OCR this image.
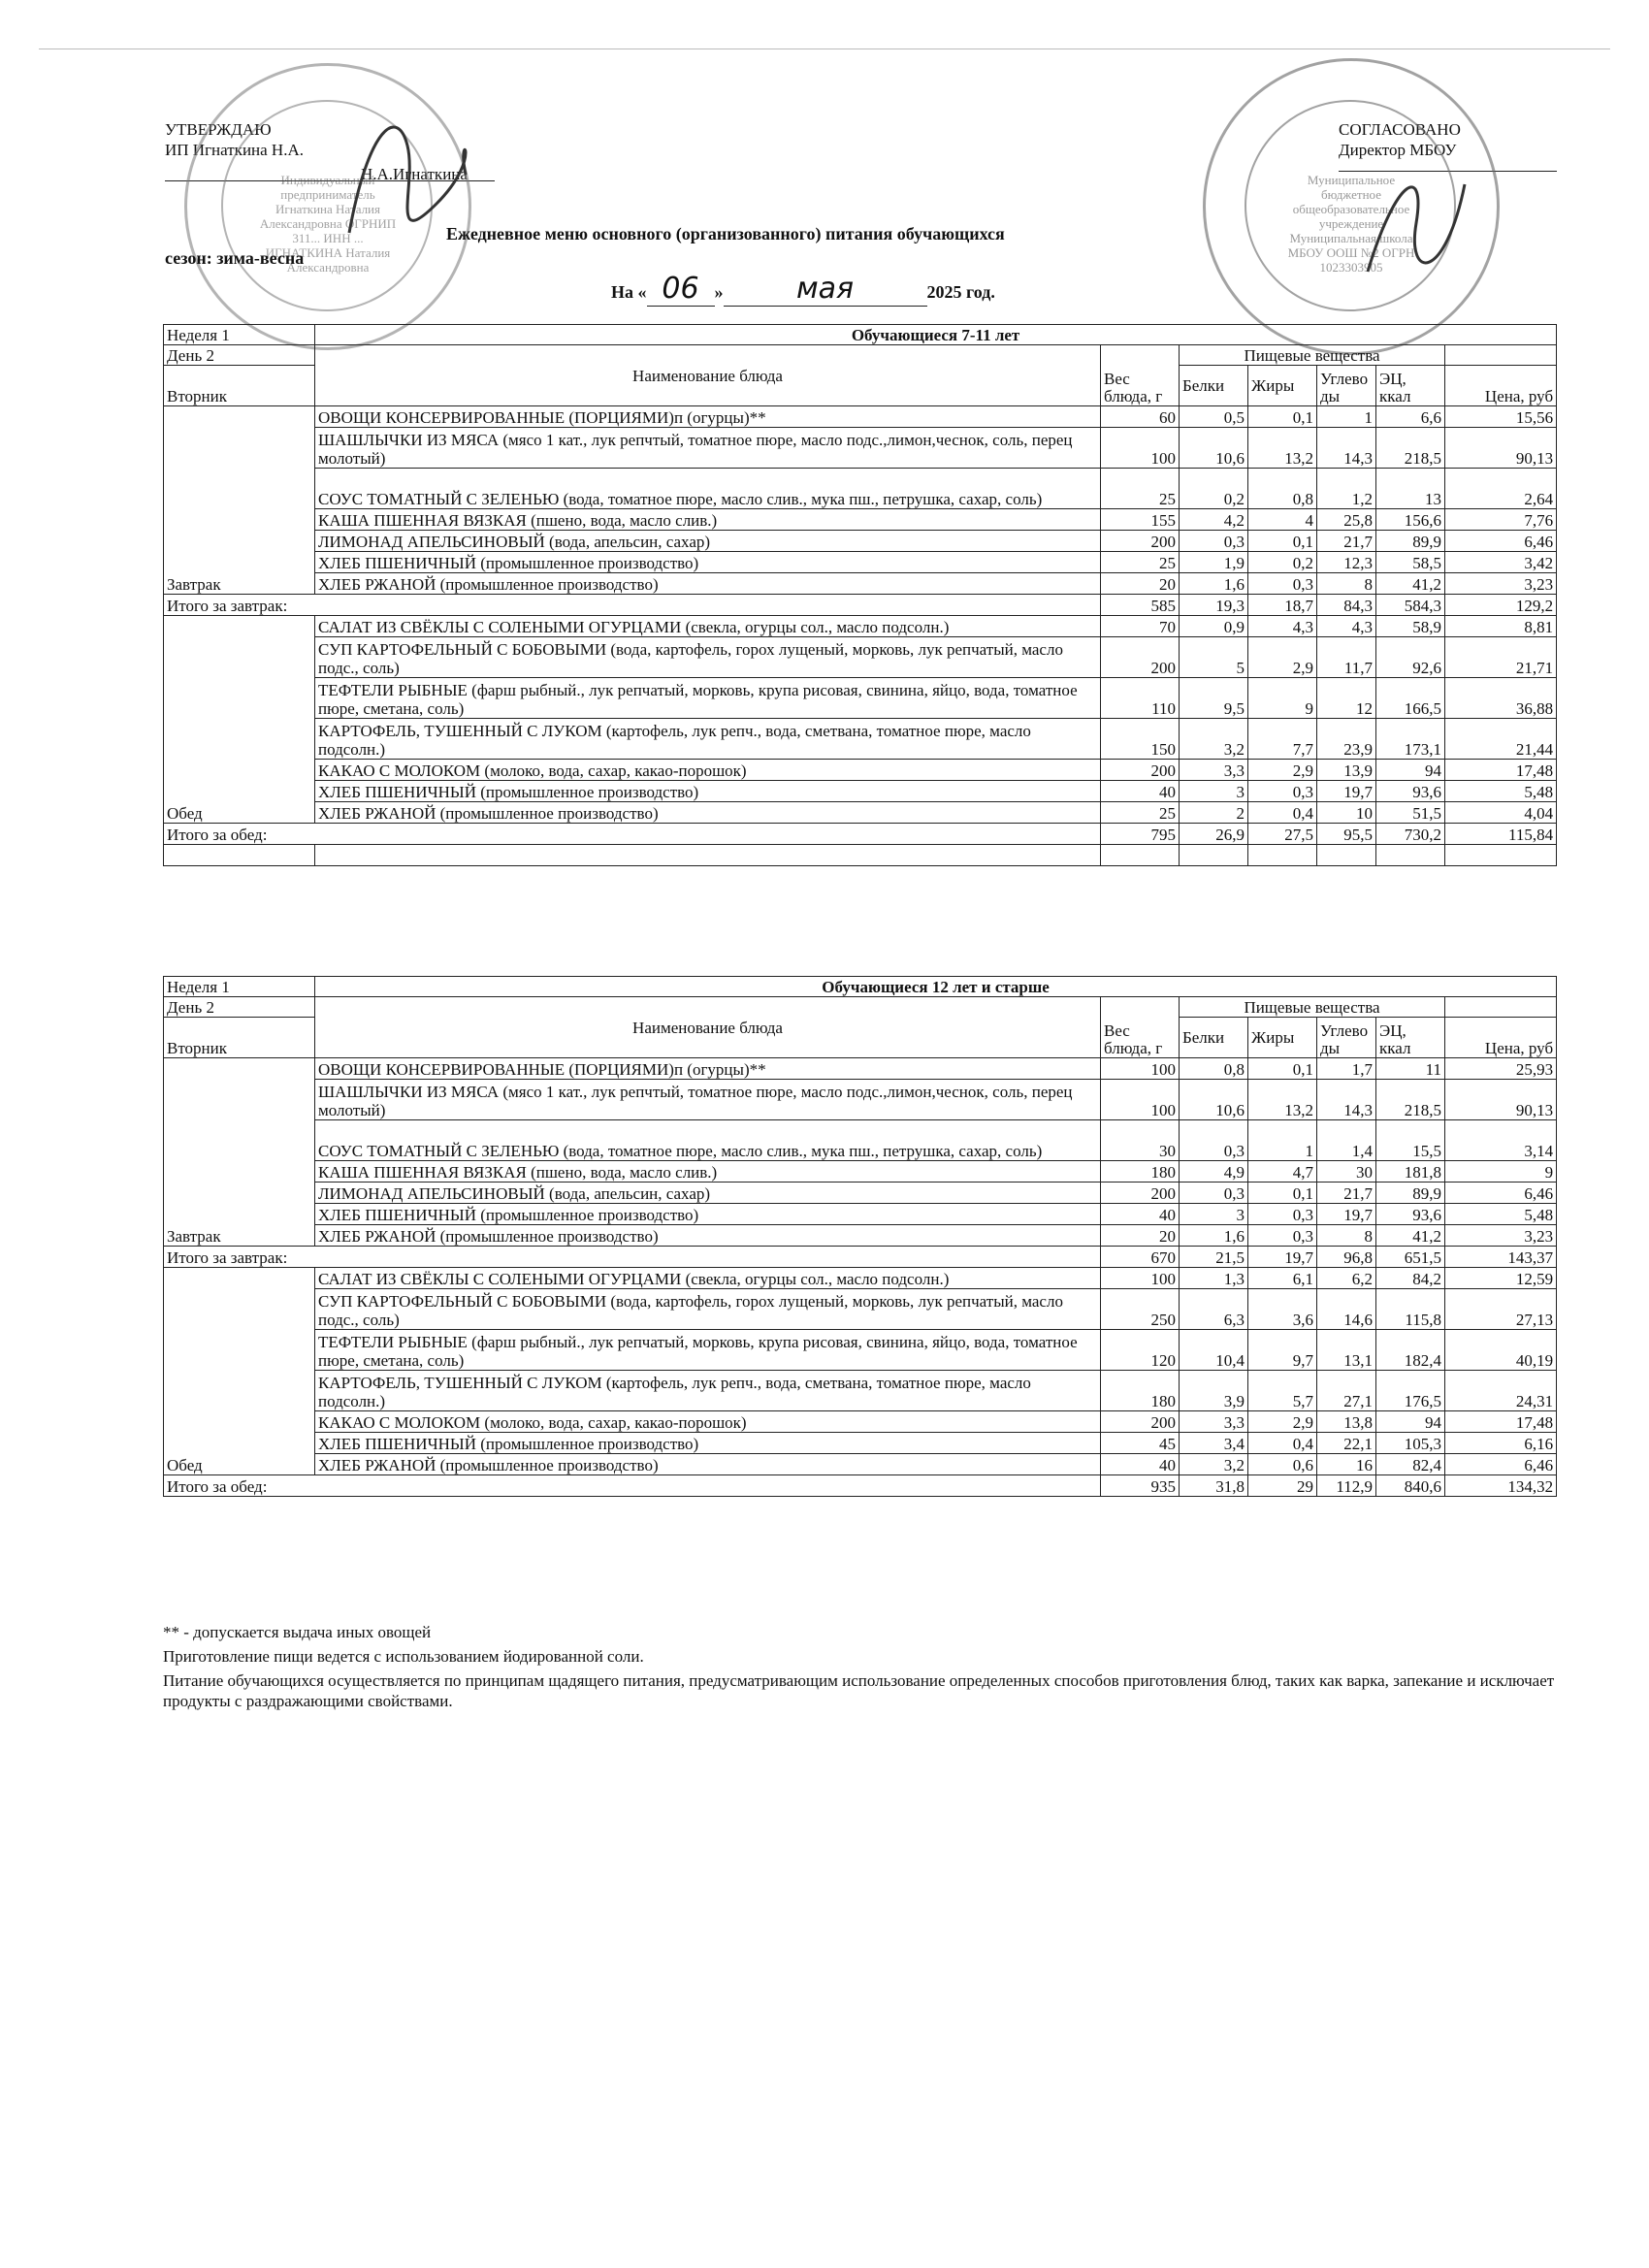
УТВЕРЖДАЮ
ИП Игнаткина Н.А.
Н.А.Игнаткина
Индивидуальный предприниматель Игнаткина Наталия Александровна ОГРНИП 311... ИНН ... ИГНАТКИНА Наталия Александровна
СОГЛАСОВАНО
Директор МБОУ
Муниципальное бюджетное общеобразовательное учреждение Муниципальная школа МБОУ ООШ №2 ОГРН 1023303905
Ежедневное меню основного (организованного) питания обучающихся
сезон: зима-весна
На « 06 »	мая	2025 год.
Неделя 1	Обучающиеся 7-11 лет						
День 2	Наименование блюда	Вес блюда, г	Пищевые вещества				
Вторник			Белки	Жиры	Углеводы	ЭЦ, ккал	Цена, руб
Завтрак	ОВОЩИ КОНСЕРВИРОВАННЫЕ (ПОРЦИЯМИ)п (огурцы)**	60	0,5	0,1	1	6,6	15,56
	ШАШЛЫЧКИ ИЗ МЯСА (мясо 1 кат., лук репчтый, томатное пюре, масло подс.,лимон,чеснок, соль, перец молотый)	100	10,6	13,2	14,3	218,5	90,13
	СОУС ТОМАТНЫЙ С ЗЕЛЕНЬЮ (вода, томатное пюре, масло слив., мука пш., петрушка, сахар, соль)	25	0,2	0,8	1,2	13	2,64
	КАША ПШЕННАЯ ВЯЗКАЯ (пшено, вода, масло слив.)	155	4,2	4	25,8	156,6	7,76
	ЛИМОНАД АПЕЛЬСИНОВЫЙ (вода, апельсин, сахар)	200	0,3	0,1	21,7	89,9	6,46
	ХЛЕБ ПШЕНИЧНЫЙ (промышленное производство)	25	1,9	0,2	12,3	58,5	3,42
	ХЛЕБ РЖАНОЙ (промышленное производство)	20	1,6	0,3	8	41,2	3,23
Итого за завтрак:		585	19,3	18,7	84,3	584,3	129,2
Обед	САЛАТ ИЗ СВЁКЛЫ С СОЛЕНЫМИ ОГУРЦАМИ (свекла, огурцы сол., масло подсолн.)	70	0,9	4,3	4,3	58,9	8,81
	СУП КАРТОФЕЛЬНЫЙ С БОБОВЫМИ (вода, картофель, горох лущеный, морковь, лук репчатый, масло подс., соль)	200	5	2,9	11,7	92,6	21,71
	ТЕФТЕЛИ РЫБНЫЕ (фарш рыбный., лук репчатый, морковь, крупа рисовая, свинина, яйцо, вода, томатное пюре, сметана, соль)	110	9,5	9	12	166,5	36,88
	КАРТОФЕЛЬ, ТУШЕННЫЙ С ЛУКОМ (картофель, лук репч., вода, сметвана, томатное пюре, масло подсолн.)	150	3,2	7,7	23,9	173,1	21,44
	КАКАО С МОЛОКОМ (молоко, вода, сахар, какао-порошок)	200	3,3	2,9	13,9	94	17,48
	ХЛЕБ ПШЕНИЧНЫЙ (промышленное производство)	40	3	0,3	19,7	93,6	5,48
	ХЛЕБ РЖАНОЙ (промышленное производство)	25	2	0,4	10	51,5	4,04
Итого за обед:		795	26,9	27,5	95,5	730,2	115,84

Неделя 1	Обучающиеся 12 лет и старше						
День 2	Наименование блюда	Вес блюда, г	Пищевые вещества				
Вторник			Белки	Жиры	Углеводы	ЭЦ, ккал	Цена, руб
Завтрак	ОВОЩИ КОНСЕРВИРОВАННЫЕ (ПОРЦИЯМИ)п (огурцы)**	100	0,8	0,1	1,7	11	25,93
	ШАШЛЫЧКИ ИЗ МЯСА (мясо 1 кат., лук репчтый, томатное пюре, масло подс.,лимон,чеснок, соль, перец молотый)	100	10,6	13,2	14,3	218,5	90,13
	СОУС ТОМАТНЫЙ С ЗЕЛЕНЬЮ (вода, томатное пюре, масло слив., мука пш., петрушка, сахар, соль)	30	0,3	1	1,4	15,5	3,14
	КАША ПШЕННАЯ ВЯЗКАЯ (пшено, вода, масло слив.)	180	4,9	4,7	30	181,8	9
	ЛИМОНАД АПЕЛЬСИНОВЫЙ (вода, апельсин, сахар)	200	0,3	0,1	21,7	89,9	6,46
	ХЛЕБ ПШЕНИЧНЫЙ (промышленное производство)	40	3	0,3	19,7	93,6	5,48
	ХЛЕБ РЖАНОЙ (промышленное производство)	20	1,6	0,3	8	41,2	3,23
Итого за завтрак:		670	21,5	19,7	96,8	651,5	143,37
Обед	САЛАТ ИЗ СВЁКЛЫ С СОЛЕНЫМИ ОГУРЦАМИ (свекла, огурцы сол., масло подсолн.)	100	1,3	6,1	6,2	84,2	12,59
	СУП КАРТОФЕЛЬНЫЙ С БОБОВЫМИ (вода, картофель, горох лущеный, морковь, лук репчатый, масло подс., соль)	250	6,3	3,6	14,6	115,8	27,13
	ТЕФТЕЛИ РЫБНЫЕ (фарш рыбный., лук репчатый, морковь, крупа рисовая, свинина, яйцо, вода, томатное пюре, сметана, соль)	120	10,4	9,7	13,1	182,4	40,19
	КАРТОФЕЛЬ, ТУШЕННЫЙ С ЛУКОМ (картофель, лук репч., вода, сметвана, томатное пюре, масло подсолн.)	180	3,9	5,7	27,1	176,5	24,31
	КАКАО С МОЛОКОМ (молоко, вода, сахар, какао-порошок)	200	3,3	2,9	13,8	94	17,48
	ХЛЕБ ПШЕНИЧНЫЙ (промышленное производство)	45	3,4	0,4	22,1	105,3	6,16
	ХЛЕБ РЖАНОЙ (промышленное производство)	40	3,2	0,6	16	82,4	6,46
Итого за обед:		935	31,8	29	112,9	840,6	134,32
** - допускается выдача иных овощей
Приготовление пищи ведется с использованием йодированной соли.
Питание обучающихся осуществляется по принципам щадящего питания, предусматривающим использование определенных способов приготовления блюд, таких как варка, запекание и исключает продукты с раздражающими свойствами.
